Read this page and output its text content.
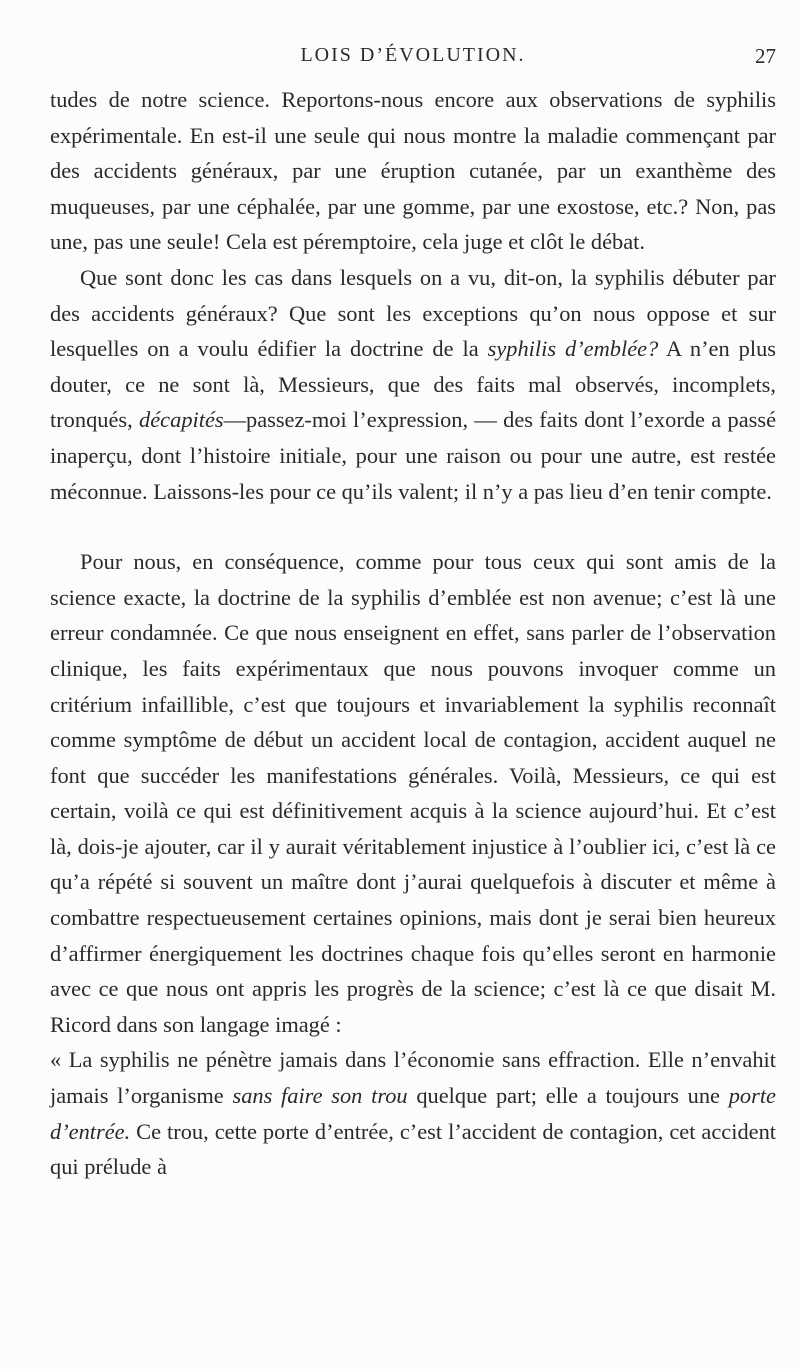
LOIS D’ÉVOLUTION.	27

tudes de notre science. Reportons-nous encore aux observations de syphilis expérimentale. En est-il une seule qui nous montre la maladie commençant par des accidents généraux, par une éruption cutanée, par un exanthème des muqueuses, par une céphalée, par une gomme, par une exostose, etc.? Non, pas une, pas une seule! Cela est péremptoire, cela juge et clôt le débat.

Que sont donc les cas dans lesquels on a vu, dit-on, la syphilis débuter par des accidents généraux? Que sont les exceptions qu’on nous oppose et sur lesquelles on a voulu édifier la doctrine de la syphilis d’emblée? A n’en plus douter, ce ne sont là, Messieurs, que des faits mal observés, incomplets, tronqués, décapités—passez-moi l’expression, — des faits dont l’exorde a passé inaperçu, dont l’histoire initiale, pour une raison ou pour une autre, est restée méconnue. Laissons-les pour ce qu’ils valent; il n’y a pas lieu d’en tenir compte.

Pour nous, en conséquence, comme pour tous ceux qui sont amis de la science exacte, la doctrine de la syphilis d’emblée est non avenue; c’est là une erreur condamnée. Ce que nous enseignent en effet, sans parler de l’observation clinique, les faits expérimentaux que nous pouvons invoquer comme un critérium infaillible, c’est que toujours et invariablement la syphilis reconnaît comme symptôme de début un accident local de contagion, accident auquel ne font que succéder les manifestations générales. Voilà, Messieurs, ce qui est certain, voilà ce qui est définitivement acquis à la science aujourd’hui. Et c’est là, dois-je ajouter, car il y aurait véritablement injustice à l’oublier ici, c’est là ce qu’a répété si souvent un maître dont j’aurai quelquefois à discuter et même à combattre respectueusement certaines opinions, mais dont je serai bien heureux d’affirmer énergiquement les doctrines chaque fois qu’elles seront en harmonie avec ce que nous ont appris les progrès de la science; c’est là ce que disait M. Ricord dans son langage imagé :

« La syphilis ne pénètre jamais dans l’économie sans effraction. Elle n’envahit jamais l’organisme sans faire son trou quelque part; elle a toujours une porte d’entrée. Ce trou, cette porte d’entrée, c’est l’accident de contagion, cet accident qui prélude à
